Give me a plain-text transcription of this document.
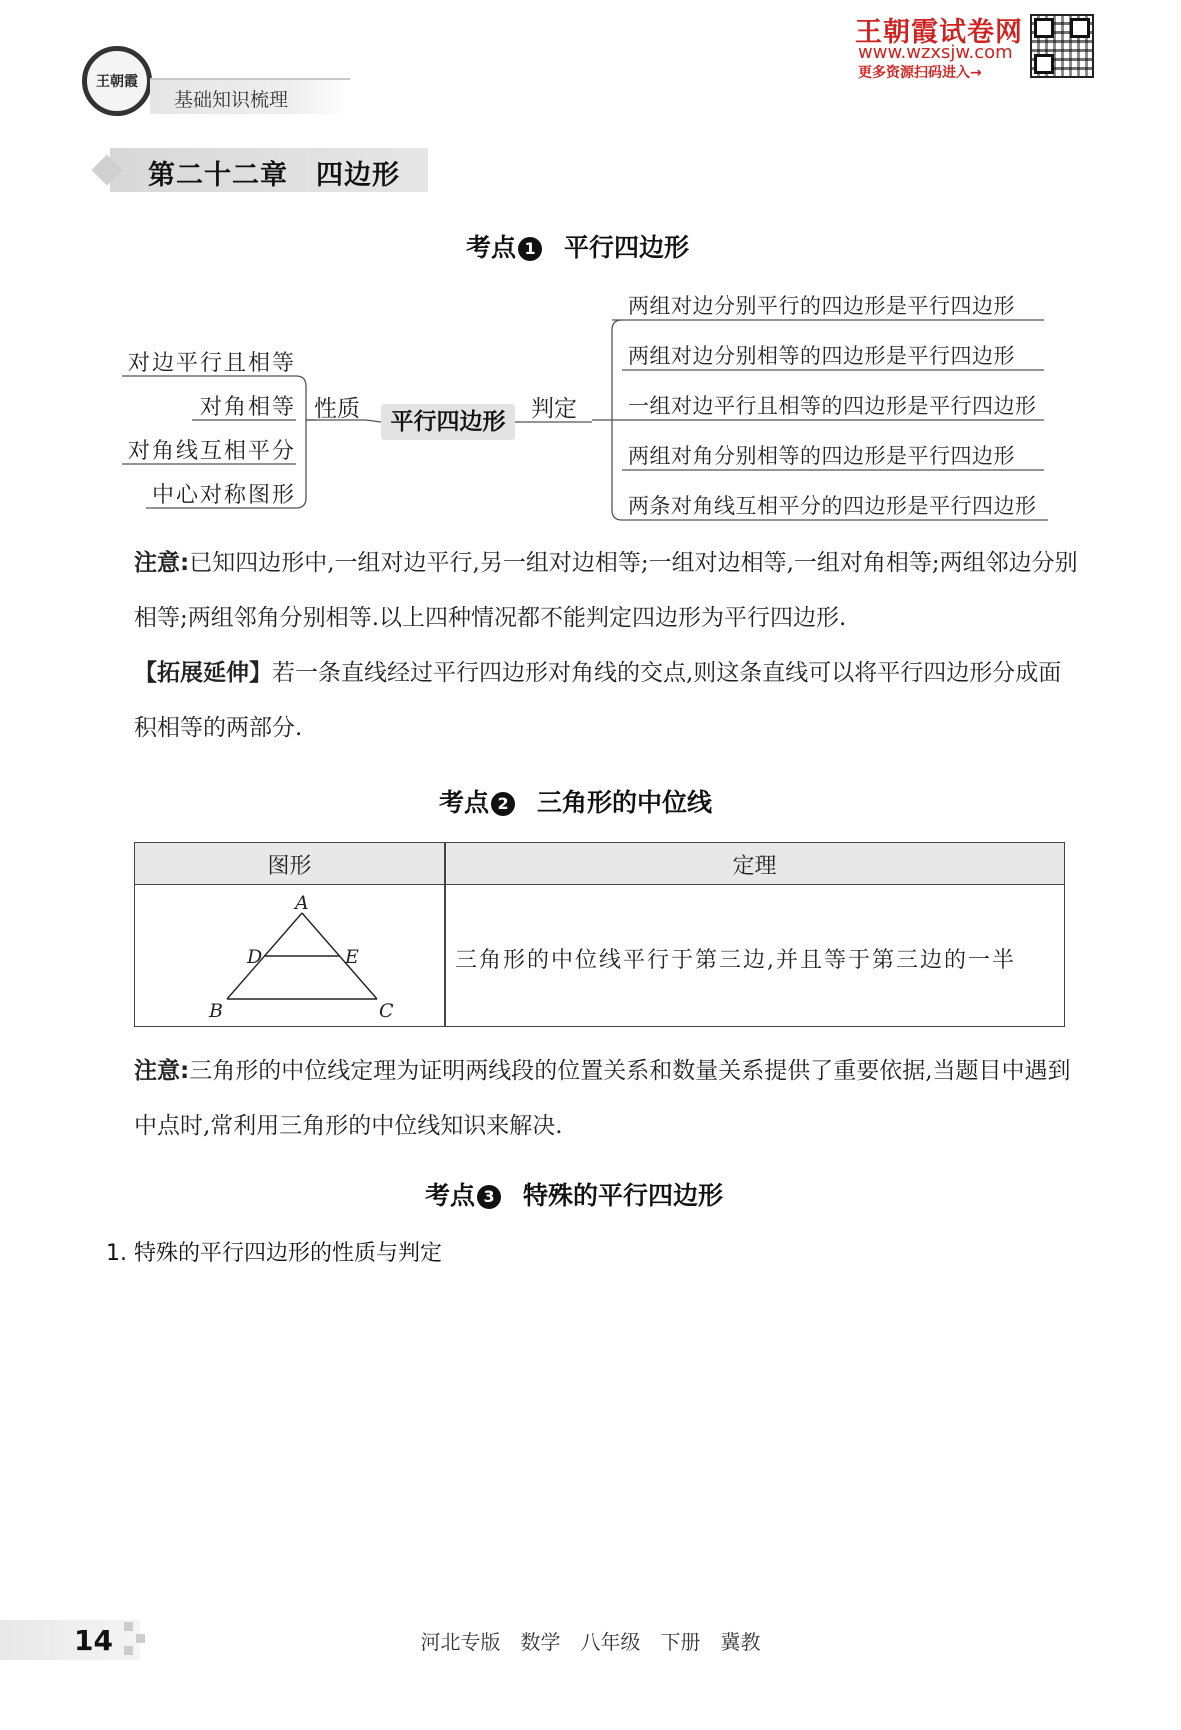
王朝霞
基础知识梳理
王朝霞试卷网
www.wzxsjw.com
更多资源扫码进入→
第二十二章　四边形
考点 1 平行四边形
对边平行且相等
对角相等
对角线互相平分
中心对称图形
性质	平行四边形	判定
两组对边分别平行的四边形是平行四边形
两组对边分别相等的四边形是平行四边形
一组对边平行且相等的四边形是平行四边形
两组对角分别相等的四边形是平行四边形
两条对角线互相平分的四边形是平行四边形
注意:已知四边形中,一组对边平行,另一组对边相等;一组对边相等,一组对角相等;两组邻边分别相等;两组邻角分别相等.以上四种情况都不能判定四边形为平行四边形.
【拓展延伸】若一条直线经过平行四边形对角线的交点,则这条直线可以将平行四边形分成面积相等的两部分.
考点 2 三角形的中位线
图形	定理
A
D	E
B	C
三角形的中位线平行于第三边,并且等于第三边的一半
注意:三角形的中位线定理为证明两线段的位置关系和数量关系提供了重要依据,当题目中遇到中点时,常利用三角形的中位线知识来解决.
考点 3 特殊的平行四边形
1. 特殊的平行四边形的性质与判定
14	河北专版　数学　八年级　下册　冀教
